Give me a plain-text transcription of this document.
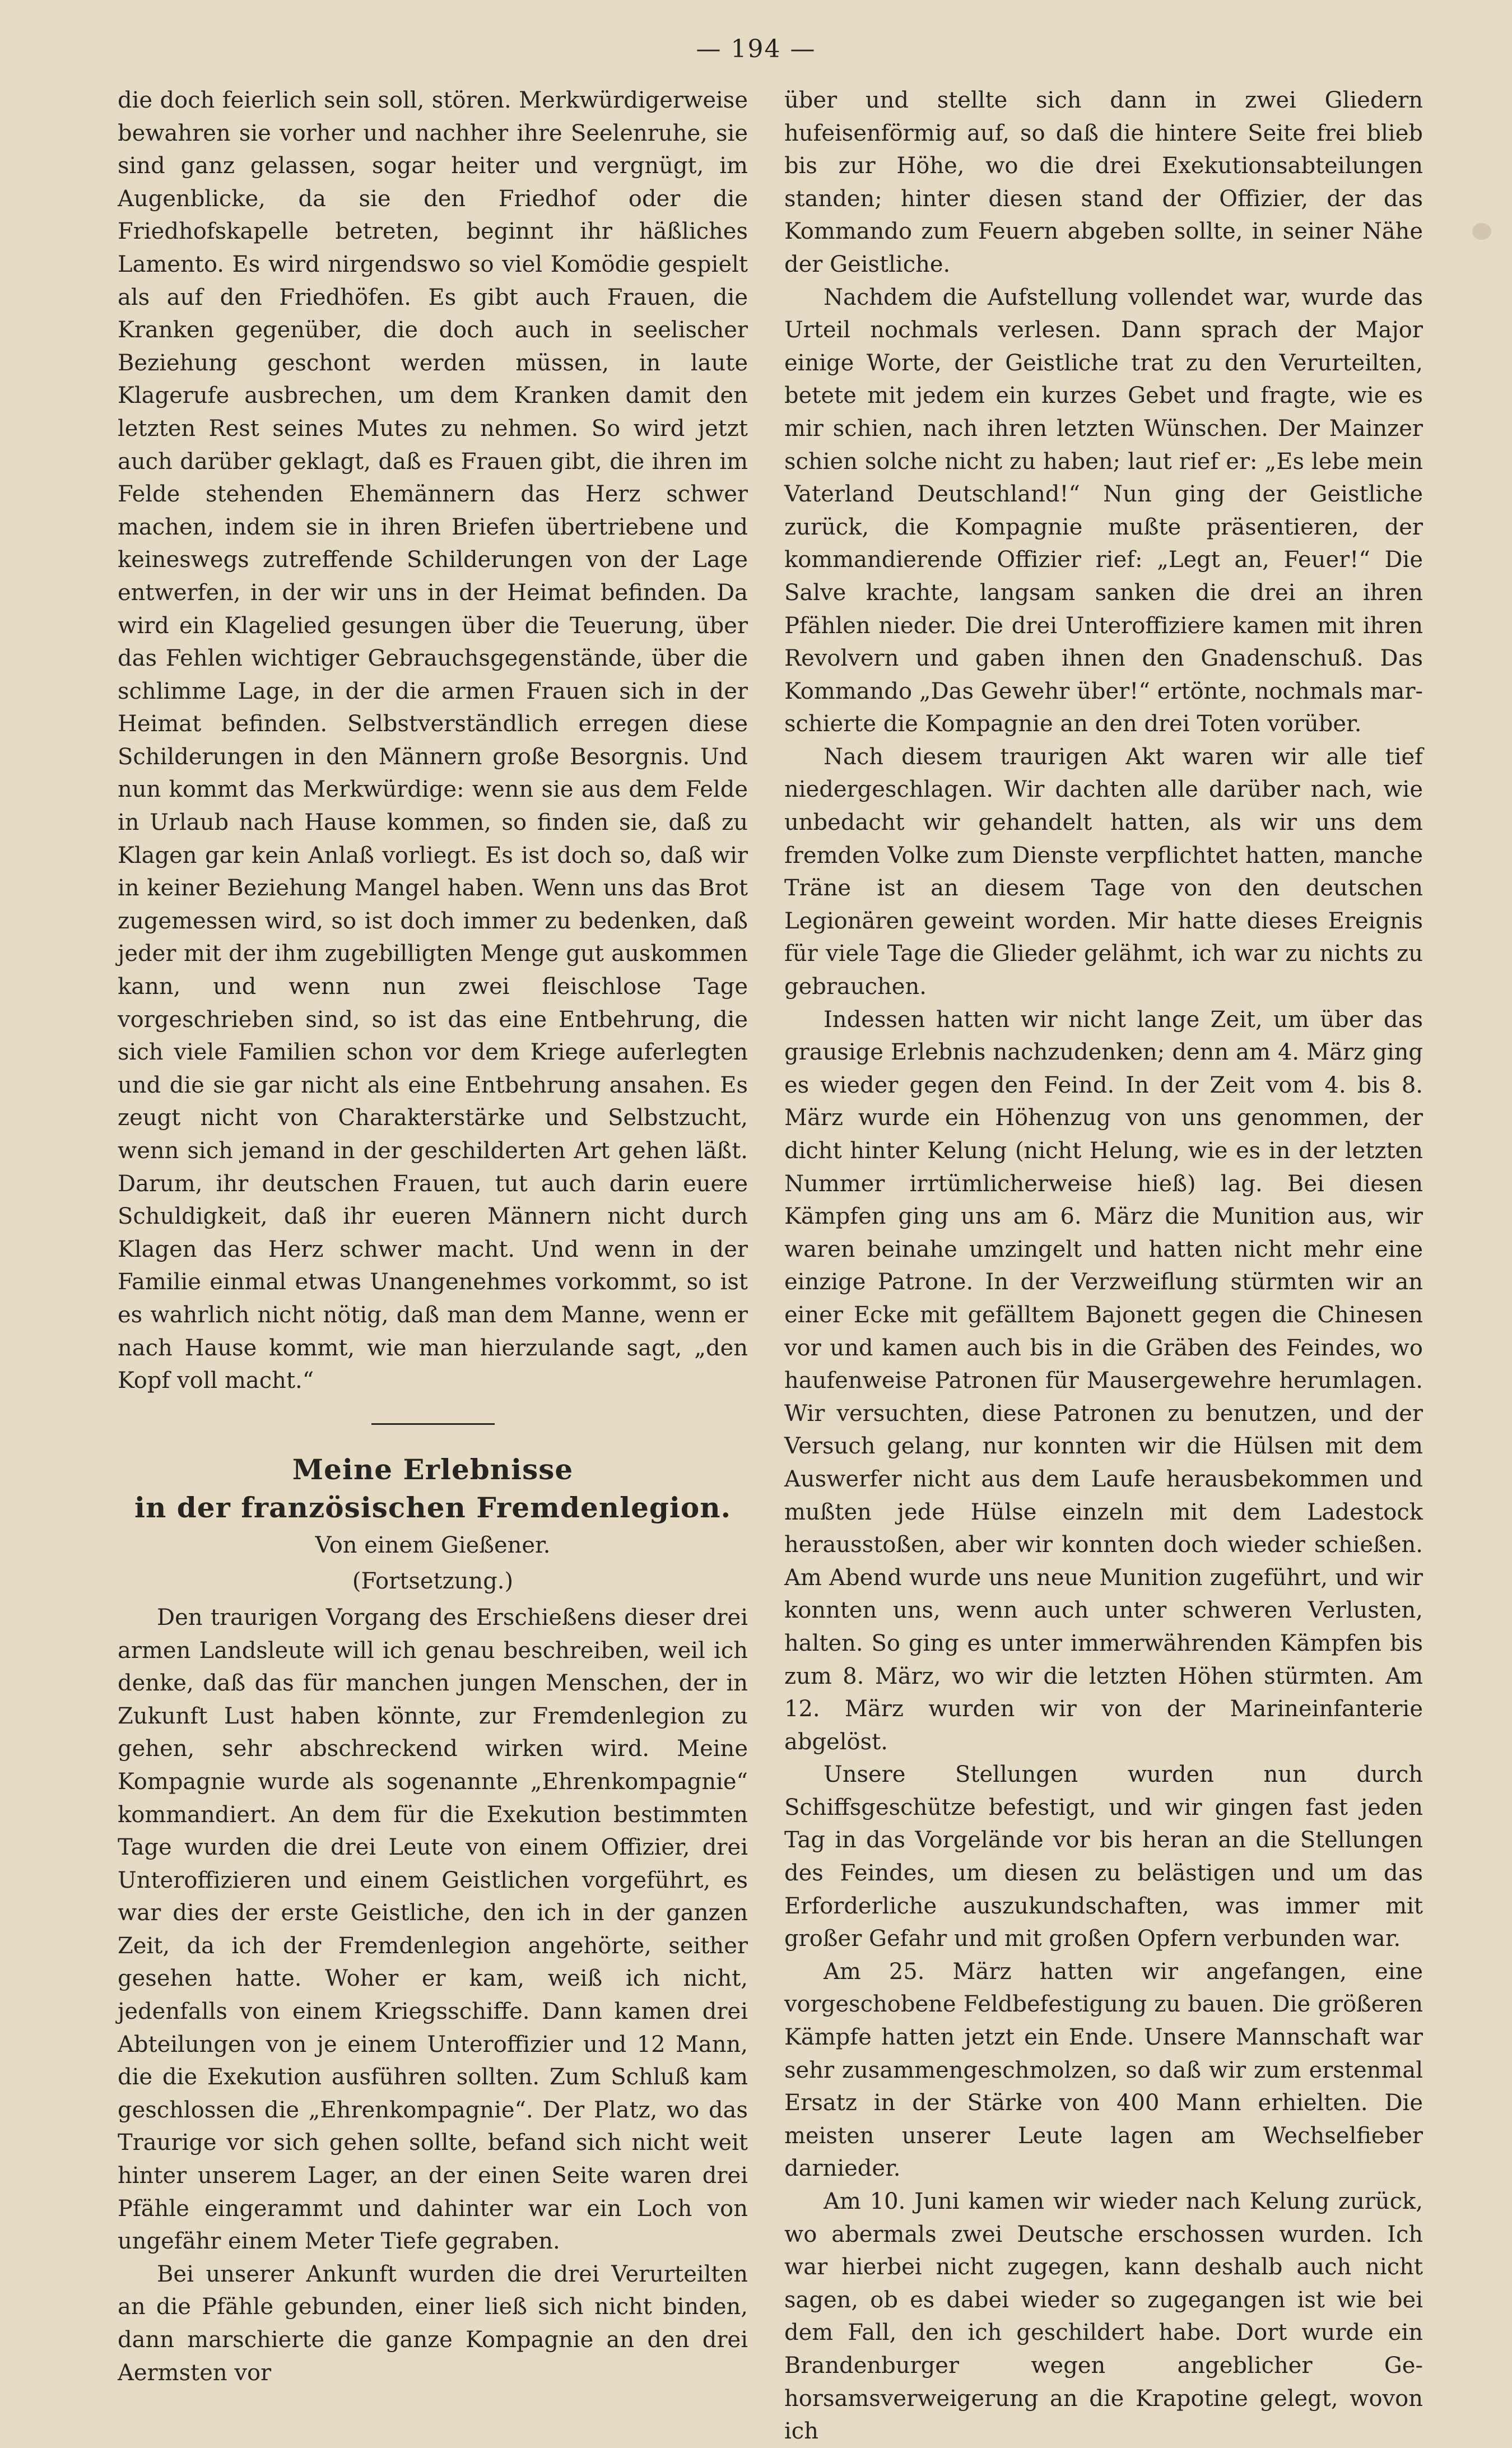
— 194 —

die doch feierlich sein soll, stören. Merkwürdigerweise bewahren sie vorher und nachher ihre Seelenruhe, sie sind ganz gelassen, sogar heiter und vergnügt, im Augenblicke, da sie den Friedhof oder die Friedhofskapelle betreten, beginnt ihr häßliches Lamento. Es wird nirgendswo so viel Komödie gespielt als auf den Friedhöfen. Es gibt auch Frauen, die Kranken gegenüber, die doch auch in seelischer Beziehung geschont werden müssen, in laute Klagerufe ausbrechen, um dem Kranken damit den letzten Rest seines Mutes zu nehmen. So wird jetzt auch darüber geklagt, daß es Frauen gibt, die ihren im Felde stehenden Ehemännern das Herz schwer machen, indem sie in ihren Briefen übertriebene und keineswegs zutreffende Schilderungen von der Lage entwerfen, in der wir uns in der Heimat befinden. Da wird ein Klagelied gesungen über die Teuerung, über das Fehlen wichtiger Gebrauchsgegenstände, über die schlimme Lage, in der die armen Frauen sich in der Heimat befinden. Selbstverständlich erregen diese Schilderungen in den Männern große Besorgnis. Und nun kommt das Merkwürdige: wenn sie aus dem Felde in Urlaub nach Hause kommen, so finden sie, daß zu Klagen gar kein Anlaß vorliegt. Es ist doch so, daß wir in keiner Beziehung Mangel haben. Wenn uns das Brot zugemessen wird, so ist doch immer zu bedenken, daß jeder mit der ihm zugebilligten Menge gut auskommen kann, und wenn nun zwei fleischlose Tage vorgeschrieben sind, so ist das eine Entbehrung, die sich viele Familien schon vor dem Kriege auferlegten und die sie gar nicht als eine Entbehrung ansahen. Es zeugt nicht von Charakterstärke und Selbstzucht, wenn sich jemand in der geschilderten Art gehen läßt. Darum, ihr deutschen Frauen, tut auch darin euere Schuldigkeit, daß ihr eueren Männern nicht durch Klagen das Herz schwer macht. Und wenn in der Familie einmal etwas Unangenehmes vorkommt, so ist es wahrlich nicht nötig, daß man dem Manne, wenn er nach Hause kommt, wie man hierzulande sagt, „den Kopf voll macht.“

Meine Erlebnisse
in der französischen Fremdenlegion.
Von einem Gießener.
(Fortsetzung.)

Den traurigen Vorgang des Erschießens dieser drei armen Landsleute will ich genau beschreiben, weil ich denke, daß das für manchen jungen Menschen, der in Zukunft Lust haben könnte, zur Fremdenlegion zu gehen, sehr abschreckend wirken wird. Meine Kompagnie wurde als sogenannte „Ehrenkompagnie“ kommandiert. An dem für die Exekution bestimmten Tage wurden die drei Leute von einem Offizier, drei Unteroffizieren und einem Geistlichen vorgeführt, es war dies der erste Geistliche, den ich in der ganzen Zeit, da ich der Fremdenlegion angehörte, seither gesehen hatte. Woher er kam, weiß ich nicht, jedenfalls von einem Kriegsschiffe. Dann kamen drei Abteilungen von je einem Unteroffizier und 12 Mann, die die Exekution ausführen sollten. Zum Schluß kam geschlossen die „Ehrenkompagnie“. Der Platz, wo das Traurige vor sich gehen sollte, befand sich nicht weit hinter unserem Lager, an der einen Seite waren drei Pfähle eingerammt und dahinter war ein Loch von ungefähr einem Meter Tiefe gegraben.

Bei unserer Ankunft wurden die drei Verurteilten an die Pfähle gebunden, einer ließ sich nicht binden, dann marschierte die ganze Kompagnie an den drei Aermsten vor

über und stellte sich dann in zwei Gliedern hufeisenförmig auf, so daß die hintere Seite frei blieb bis zur Höhe, wo die drei Exekutionsabteilungen standen; hinter diesen stand der Offizier, der das Kommando zum Feuern abgeben sollte, in seiner Nähe der Geistliche.

Nachdem die Aufstellung vollendet war, wurde das Urteil nochmals verlesen. Dann sprach der Major einige Worte, der Geistliche trat zu den Verurteilten, betete mit jedem ein kurzes Gebet und fragte, wie es mir schien, nach ihren letzten Wünschen. Der Mainzer schien solche nicht zu haben; laut rief er: „Es lebe mein Vaterland Deutschland!“ Nun ging der Geistliche zurück, die Kompagnie mußte präsentieren, der kommandierende Offizier rief: „Legt an, Feuer!“ Die Salve krachte, langsam sanken die drei an ihren Pfählen nieder. Die drei Unteroffiziere kamen mit ihren Revolvern und gaben ihnen den Gnadenschuß. Das Kommando „Das Gewehr über!“ ertönte, nochmals marschierte die Kompagnie an den drei Toten vorüber.

Nach diesem traurigen Akt waren wir alle tief niedergeschlagen. Wir dachten alle darüber nach, wie unbedacht wir gehandelt hatten, als wir uns dem fremden Volke zum Dienste verpflichtet hatten, manche Träne ist an diesem Tage von den deutschen Legionären geweint worden. Mir hatte dieses Ereignis für viele Tage die Glieder gelähmt, ich war zu nichts zu gebrauchen.

Indessen hatten wir nicht lange Zeit, um über das grausige Erlebnis nachzudenken; denn am 4. März ging es wieder gegen den Feind. In der Zeit vom 4. bis 8. März wurde ein Höhenzug von uns genommen, der dicht hinter Kelung (nicht Helung, wie es in der letzten Nummer irrtümlicherweise hieß) lag. Bei diesen Kämpfen ging uns am 6. März die Munition aus, wir waren beinahe umzingelt und hatten nicht mehr eine einzige Patrone. In der Verzweiflung stürmten wir an einer Ecke mit gefälltem Bajonett gegen die Chinesen vor und kamen auch bis in die Gräben des Feindes, wo haufenweise Patronen für Mausergewehre herumlagen. Wir versuchten, diese Patronen zu benutzen, und der Versuch gelang, nur konnten wir die Hülsen mit dem Auswerfer nicht aus dem Laufe herausbekommen und mußten jede Hülse einzeln mit dem Ladestock herausstoßen, aber wir konnten doch wieder schießen. Am Abend wurde uns neue Munition zugeführt, und wir konnten uns, wenn auch unter schweren Verlusten, halten. So ging es unter immerwährenden Kämpfen bis zum 8. März, wo wir die letzten Höhen stürmten. Am 12. März wurden wir von der Marineinfanterie abgelöst.

Unsere Stellungen wurden nun durch Schiffsgeschütze befestigt, und wir gingen fast jeden Tag in das Vorgelände vor bis heran an die Stellungen des Feindes, um diesen zu belästigen und um das Erforderliche auszukundschaften, was immer mit großer Gefahr und mit großen Opfern verbunden war.

Am 25. März hatten wir angefangen, eine vorgeschobene Feldbefestigung zu bauen. Die größeren Kämpfe hatten jetzt ein Ende. Unsere Mannschaft war sehr zusammengeschmolzen, so daß wir zum erstenmal Ersatz in der Stärke von 400 Mann erhielten. Die meisten unserer Leute lagen am Wechselfieber darnieder.

Am 10. Juni kamen wir wieder nach Kelung zurück, wo abermals zwei Deutsche erschossen wurden. Ich war hierbei nicht zugegen, kann deshalb auch nicht sagen, ob es dabei wieder so zugegangen ist wie bei dem Fall, den ich geschildert habe. Dort wurde ein Brandenburger wegen angeblicher Gehorsamsverweigerung an die Krapotine gelegt, wovon ich
